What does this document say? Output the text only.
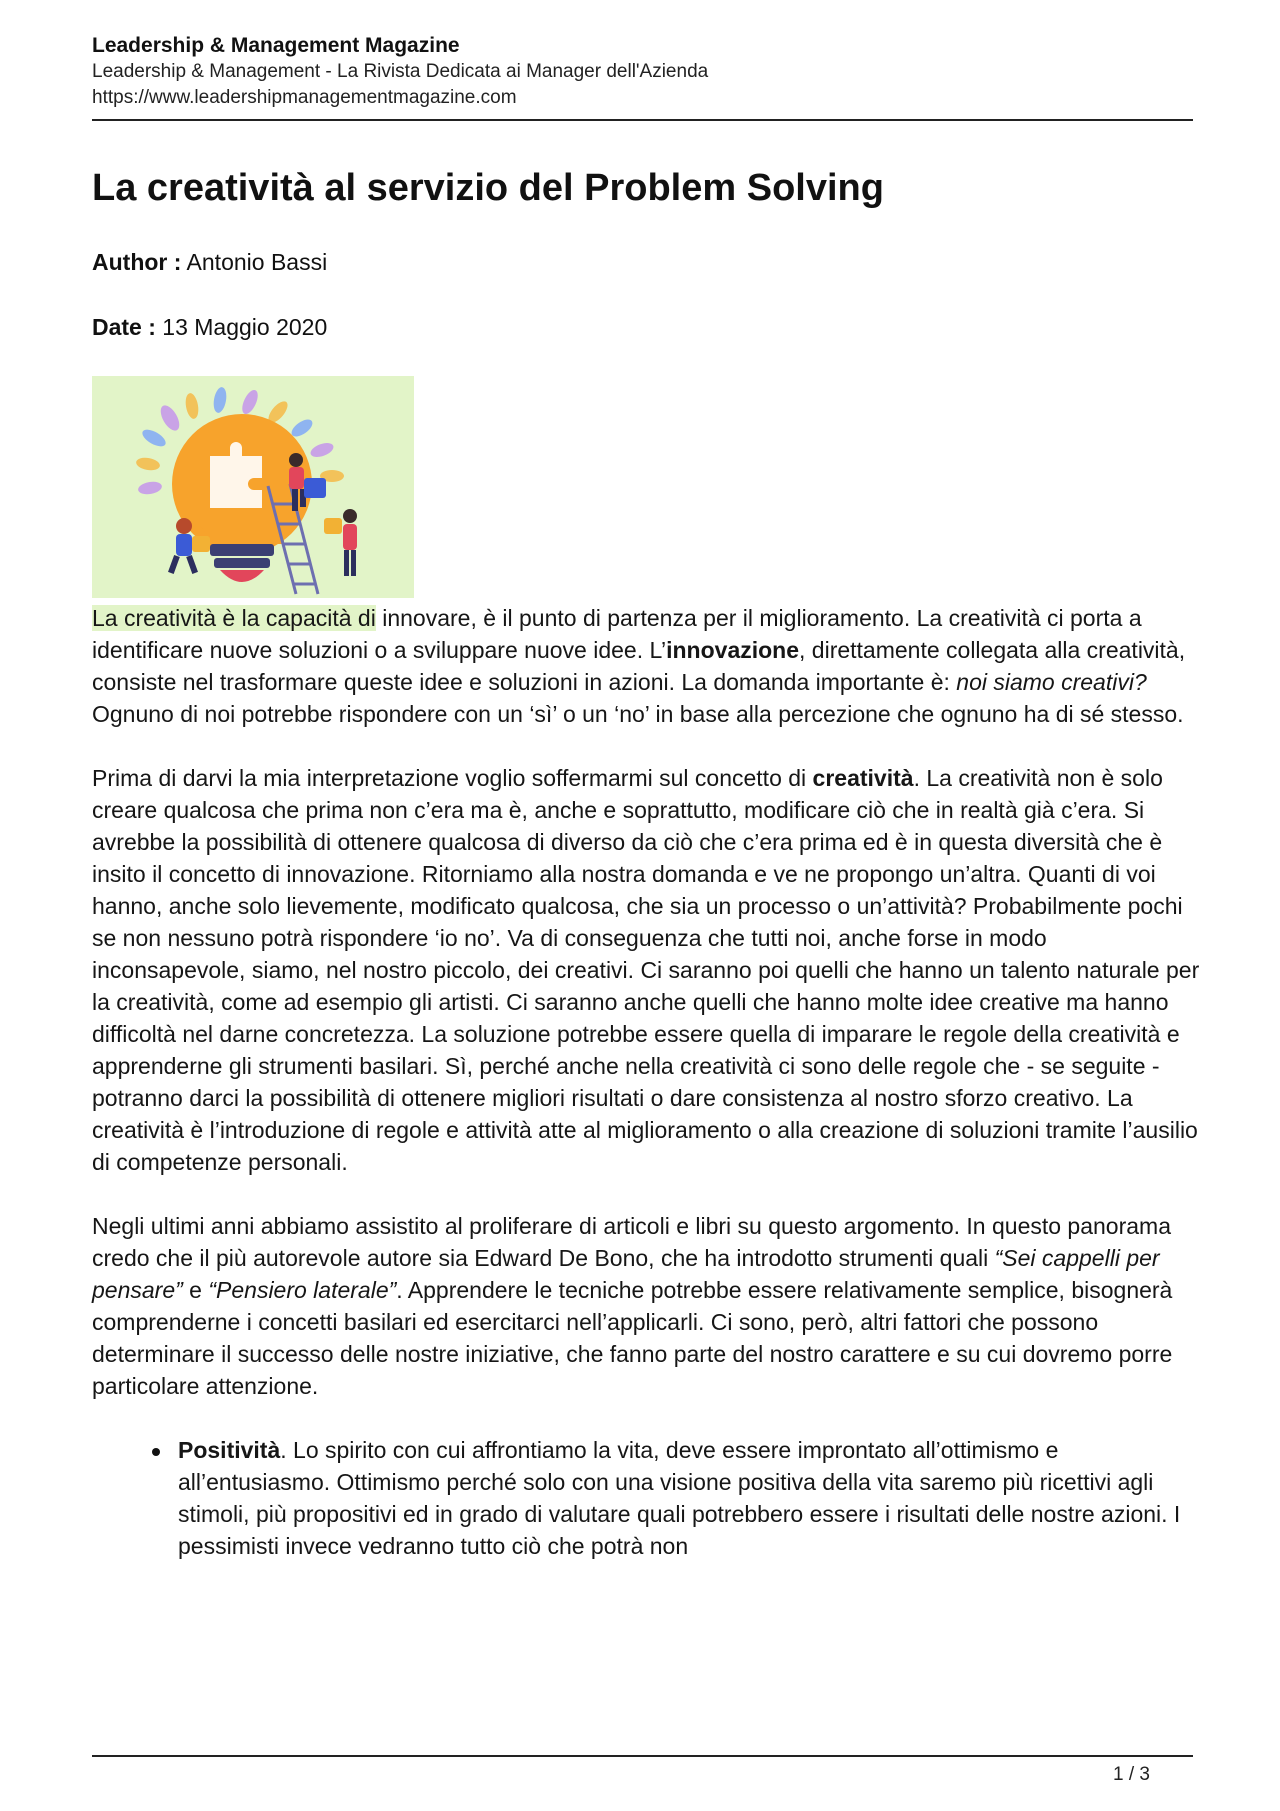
Leadership & Management Magazine
Leadership & Management - La Rivista Dedicata ai Manager dell'Azienda
https://www.leadershipmanagementmagazine.com
La creatività al servizio del Problem Solving
Author : Antonio Bassi
Date : 13 Maggio 2020

La creatività è la capacità di innovare, è il punto di partenza per il miglioramento. La creatività ci porta a identificare nuove soluzioni o a sviluppare nuove idee. L’innovazione, direttamente collegata alla creatività, consiste nel trasformare queste idee e soluzioni in azioni. La domanda importante è: noi siamo creativi? Ognuno di noi potrebbe rispondere con un ‘sì’ o un ‘no’ in base alla percezione che ognuno ha di sé stesso.

Prima di darvi la mia interpretazione voglio soffermarmi sul concetto di creatività. La creatività non è solo creare qualcosa che prima non c’era ma è, anche e soprattutto, modificare ciò che in realtà già c’era. Si avrebbe la possibilità di ottenere qualcosa di diverso da ciò che c’era prima ed è in questa diversità che è insito il concetto di innovazione. Ritorniamo alla nostra domanda e ve ne propongo un’altra. Quanti di voi hanno, anche solo lievemente, modificato qualcosa, che sia un processo o un’attività? Probabilmente pochi se non nessuno potrà rispondere ‘io no’. Va di conseguenza che tutti noi, anche forse in modo inconsapevole, siamo, nel nostro piccolo, dei creativi. Ci saranno poi quelli che hanno un talento naturale per la creatività, come ad esempio gli artisti. Ci saranno anche quelli che hanno molte idee creative ma hanno difficoltà nel darne concretezza. La soluzione potrebbe essere quella di imparare le regole della creatività e apprenderne gli strumenti basilari. Sì, perché anche nella creatività ci sono delle regole che - se seguite - potranno darci la possibilità di ottenere migliori risultati o dare consistenza al nostro sforzo creativo. La creatività è l’introduzione di regole e attività atte al miglioramento o alla creazione di soluzioni tramite l’ausilio di competenze personali.

Negli ultimi anni abbiamo assistito al proliferare di articoli e libri su questo argomento. In questo panorama credo che il più autorevole autore sia Edward De Bono, che ha introdotto strumenti quali “Sei cappelli per pensare” e “Pensiero laterale”. Apprendere le tecniche potrebbe essere relativamente semplice, bisognerà comprenderne i concetti basilari ed esercitarci nell’applicarli. Ci sono, però, altri fattori che possono determinare il successo delle nostre iniziative, che fanno parte del nostro carattere e su cui dovremo porre particolare attenzione.

Positività. Lo spirito con cui affrontiamo la vita, deve essere improntato all’ottimismo e all’entusiasmo. Ottimismo perché solo con una visione positiva della vita saremo più ricettivi agli stimoli, più propositivi ed in grado di valutare quali potrebbero essere i risultati delle nostre azioni. I pessimisti invece vedranno tutto ciò che potrà non
1 / 3
